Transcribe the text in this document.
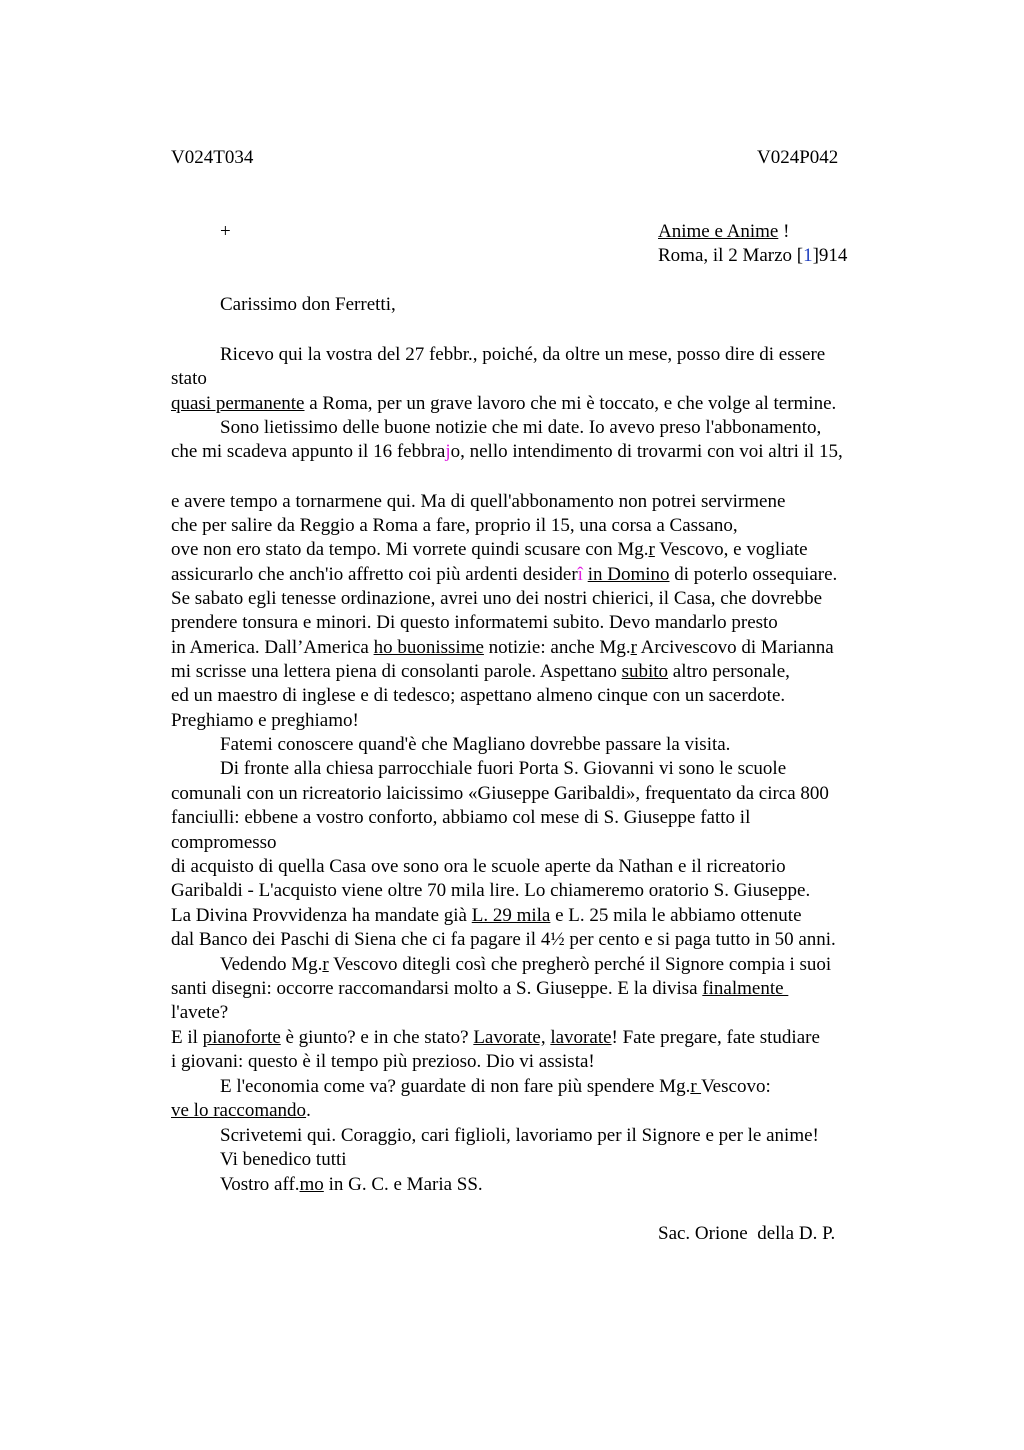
V024T034	V024P042
+	Anime e Anime !
Roma, il 2 Marzo [1]914
Carissimo don Ferretti,
Ricevo qui la vostra del 27 febbr., poiché, da oltre un mese, posso dire di essere
stato
quasi permanente a Roma, per un grave lavoro che mi è toccato, e che volge al termine.
Sono lietissimo delle buone notizie che mi date. Io avevo preso l'abbonamento,
che mi scadeva appunto il 16 febbrajo, nello intendimento di trovarmi con voi altri il 15,
e avere tempo a tornarmene qui. Ma di quell'abbonamento non potrei servirmene
che per salire da Reggio a Roma a fare, proprio il 15, una corsa a Cassano,
ove non ero stato da tempo. Mi vorrete quindi scusare con Mg.r Vescovo, e vogliate
assicurarlo che anch'io affretto coi più ardenti desiderî in Domino di poterlo ossequiare.
Se sabato egli tenesse ordinazione, avrei uno dei nostri chierici, il Casa, che dovrebbe
prendere tonsura e minori. Di questo informatemi subito. Devo mandarlo presto
in America. Dall’America ho buonissime notizie: anche Mg.r Arcivescovo di Marianna
mi scrisse una lettera piena di consolanti parole. Aspettano subito altro personale,
ed un maestro di inglese e di tedesco; aspettano almeno cinque con un sacerdote.
Preghiamo e preghiamo!
Fatemi conoscere quand'è che Magliano dovrebbe passare la visita.
Di fronte alla chiesa parrocchiale fuori Porta S. Giovanni vi sono le scuole
comunali con un ricreatorio laicissimo «Giuseppe Garibaldi», frequentato da circa 800
fanciulli: ebbene a vostro conforto, abbiamo col mese di S. Giuseppe fatto il
compromesso
di acquisto di quella Casa ove sono ora le scuole aperte da Nathan e il ricreatorio
Garibaldi - L'acquisto viene oltre 70 mila lire. Lo chiameremo oratorio S. Giuseppe.
La Divina Provvidenza ha mandate già L. 29 mila e L. 25 mila le abbiamo ottenute
dal Banco dei Paschi di Siena che ci fa pagare il 4½ per cento e si paga tutto in 50 anni.
Vedendo Mg.r Vescovo ditegli così che pregherò perché il Signore compia i suoi
santi disegni: occorre raccomandarsi molto a S. Giuseppe. E la divisa finalmente
l'avete?
E il pianoforte è giunto? e in che stato? Lavorate, lavorate! Fate pregare, fate studiare
i giovani: questo è il tempo più prezioso. Dio vi assista!
E l'economia come va? guardate di non fare più spendere Mg.r Vescovo:
ve lo raccomando.
Scrivetemi qui. Coraggio, cari figlioli, lavoriamo per il Signore e per le anime!
Vi benedico tutti
Vostro aff.mo in G. C. e Maria SS.
Sac. Orione  della D. P.
